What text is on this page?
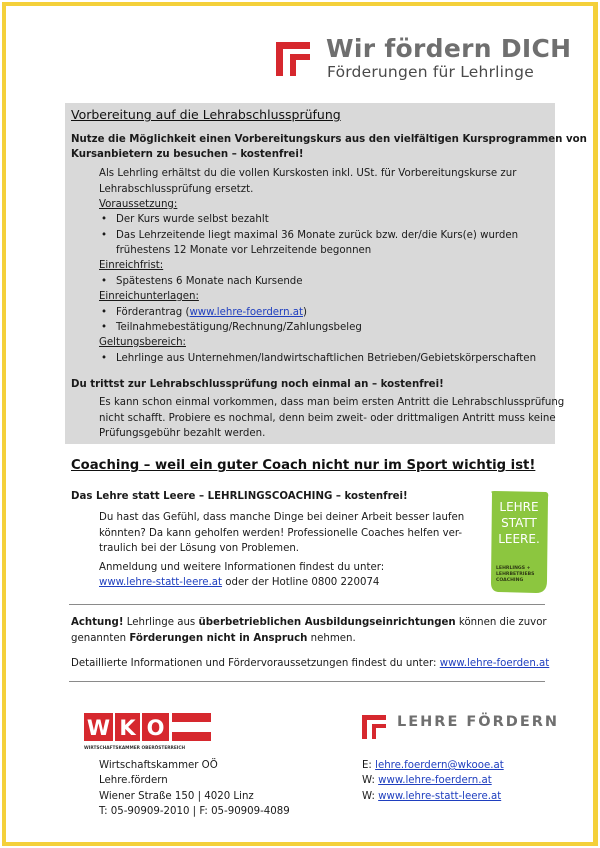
Wir fördern DICH
Förderungen für Lehrlinge
Vorbereitung auf die Lehrabschlussprüfung
Nutze die Möglichkeit einen Vorbereitungskurs aus den vielfältigen Kursprogrammen von
Kursanbietern zu besuchen – kostenfrei!
Als Lehrling erhältst du die vollen Kurskosten inkl. USt. für Vorbereitungskurse zur
Lehrabschlussprüfung ersetzt.
Voraussetzung:
• Der Kurs wurde selbst bezahlt
• Das Lehrzeitende liegt maximal 36 Monate zurück bzw. der/die Kurs(e) wurden
frühestens 12 Monate vor Lehrzeitende begonnen
Einreichfrist:
• Spätestens 6 Monate nach Kursende
Einreichunterlagen:
• Förderantrag (www.lehre-foerdern.at)
• Teilnahmebestätigung/Rechnung/Zahlungsbeleg
Geltungsbereich:
• Lehrlinge aus Unternehmen/landwirtschaftlichen Betrieben/Gebietskörperschaften
Du trittst zur Lehrabschlussprüfung noch einmal an – kostenfrei!
Es kann schon einmal vorkommen, dass man beim ersten Antritt die Lehrabschlussprüfung
nicht schafft. Probiere es nochmal, denn beim zweit- oder drittmaligen Antritt muss keine
Prüfungsgebühr bezahlt werden.
Coaching – weil ein guter Coach nicht nur im Sport wichtig ist!
Das Lehre statt Leere – LEHRLINGSCOACHING – kostenfrei!
Du hast das Gefühl, dass manche Dinge bei deiner Arbeit besser laufen
könnten? Da kann geholfen werden! Professionelle Coaches helfen ver-
traulich bei der Lösung von Problemen.
Anmeldung und weitere Informationen findest du unter:
www.lehre-statt-leere.at oder der Hotline 0800 220074
LEHRE
STATT
LEERE.
LEHRLINGS +
LEHRBETRIEBS
COACHING
Achtung! Lehrlinge aus überbetrieblichen Ausbildungseinrichtungen können die zuvor
genannten Förderungen nicht in Anspruch nehmen.
Detaillierte Informationen und Fördervoraussetzungen findest du unter: www.lehre-foerden.at
W K O
WIRTSCHAFTSKAMMER OBERÖSTERREICH
LEHRE FÖRDERN
Wirtschaftskammer OÖ
Lehre.fördern
Wiener Straße 150 | 4020 Linz
T: 05-90909-2010 | F: 05-90909-4089
E: lehre.foerdern@wkooe.at
W: www.lehre-foerdern.at
W: www.lehre-statt-leere.at
